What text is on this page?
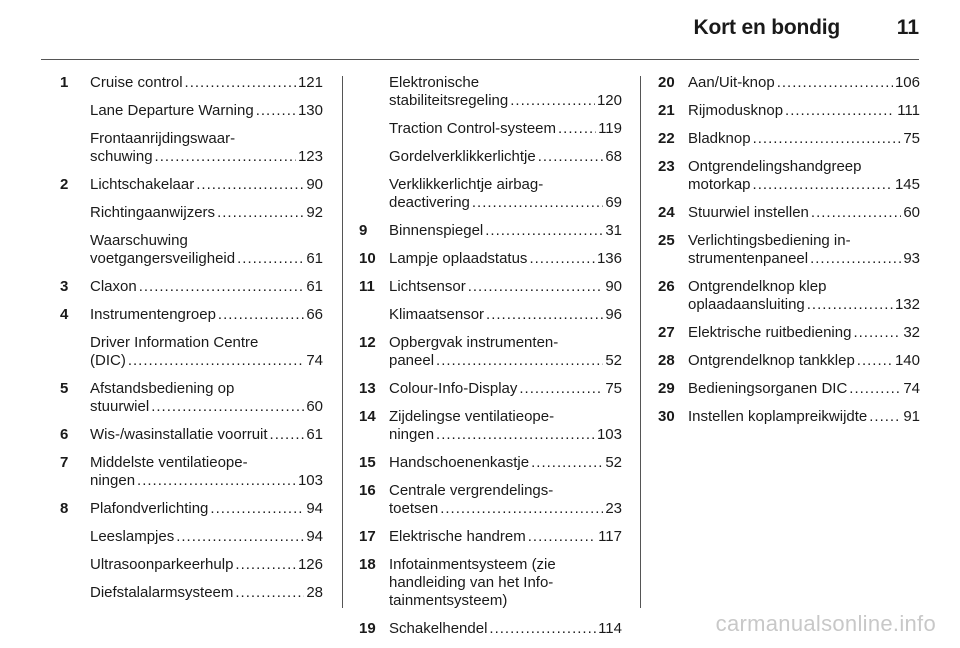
Kort en bondig	11
1 Cruise control .....	121
Lane Departure Warning .....	130
Frontaanrijdingswaar-
schuwing .....	123
2 Lichtschakelaar .....	90
Richtingaanwijzers .....	92
Waarschuwing
voetgangersveiligheid .....	61
3 Claxon .....	61
4 Instrumentengroep .....	66
Driver Information Centre
(DIC) .....	74
5 Afstandsbediening op
stuurwiel .....	60
6 Wis-/wasinstallatie voorruit .....	61
7 Middelste ventilatieope-
ningen .....	103
8 Plafondverlichting .....	94
Leeslampjes .....	94
Ultrasoonparkeerhulp .....	126
Diefstalalarmsysteem .....	28
Elektronische
stabiliteitsregeling .....	120
Traction Control-systeem .....	119
Gordelverklikkerlichtje .....	68
Verklikkerlichtje airbag-
deactivering .....	69
9 Binnenspiegel .....	31
10 Lampje oplaadstatus .....	136
11 Lichtsensor .....	90
Klimaatsensor .....	96
12 Opbergvak instrumenten-
paneel .....	52
13 Colour-Info-Display .....	75
14 Zijdelingse ventilatieope-
ningen .....	103
15 Handschoenenkastje .....	52
16 Centrale vergrendelings-
toetsen .....	23
17 Elektrische handrem .....	117
18 Infotainmentsysteem (zie
handleiding van het Info-
tainmentsysteem)
19 Schakelhendel .....	114
20 Aan/Uit-knop .....	106
21 Rijmodusknop .....	111
22 Bladknop .....	75
23 Ontgrendelingshandgreep
motorkap .....	145
24 Stuurwiel instellen .....	60
25 Verlichtingsbediening in-
strumentenpaneel .....	93
26 Ontgrendelknop klep
oplaadaansluiting .....	132
27 Elektrische ruitbediening .....	32
28 Ontgrendelknop tankklep .....	140
29 Bedieningsorganen DIC .....	74
30 Instellen koplampreikwijdte ..... 91
carmanualsonline.info
